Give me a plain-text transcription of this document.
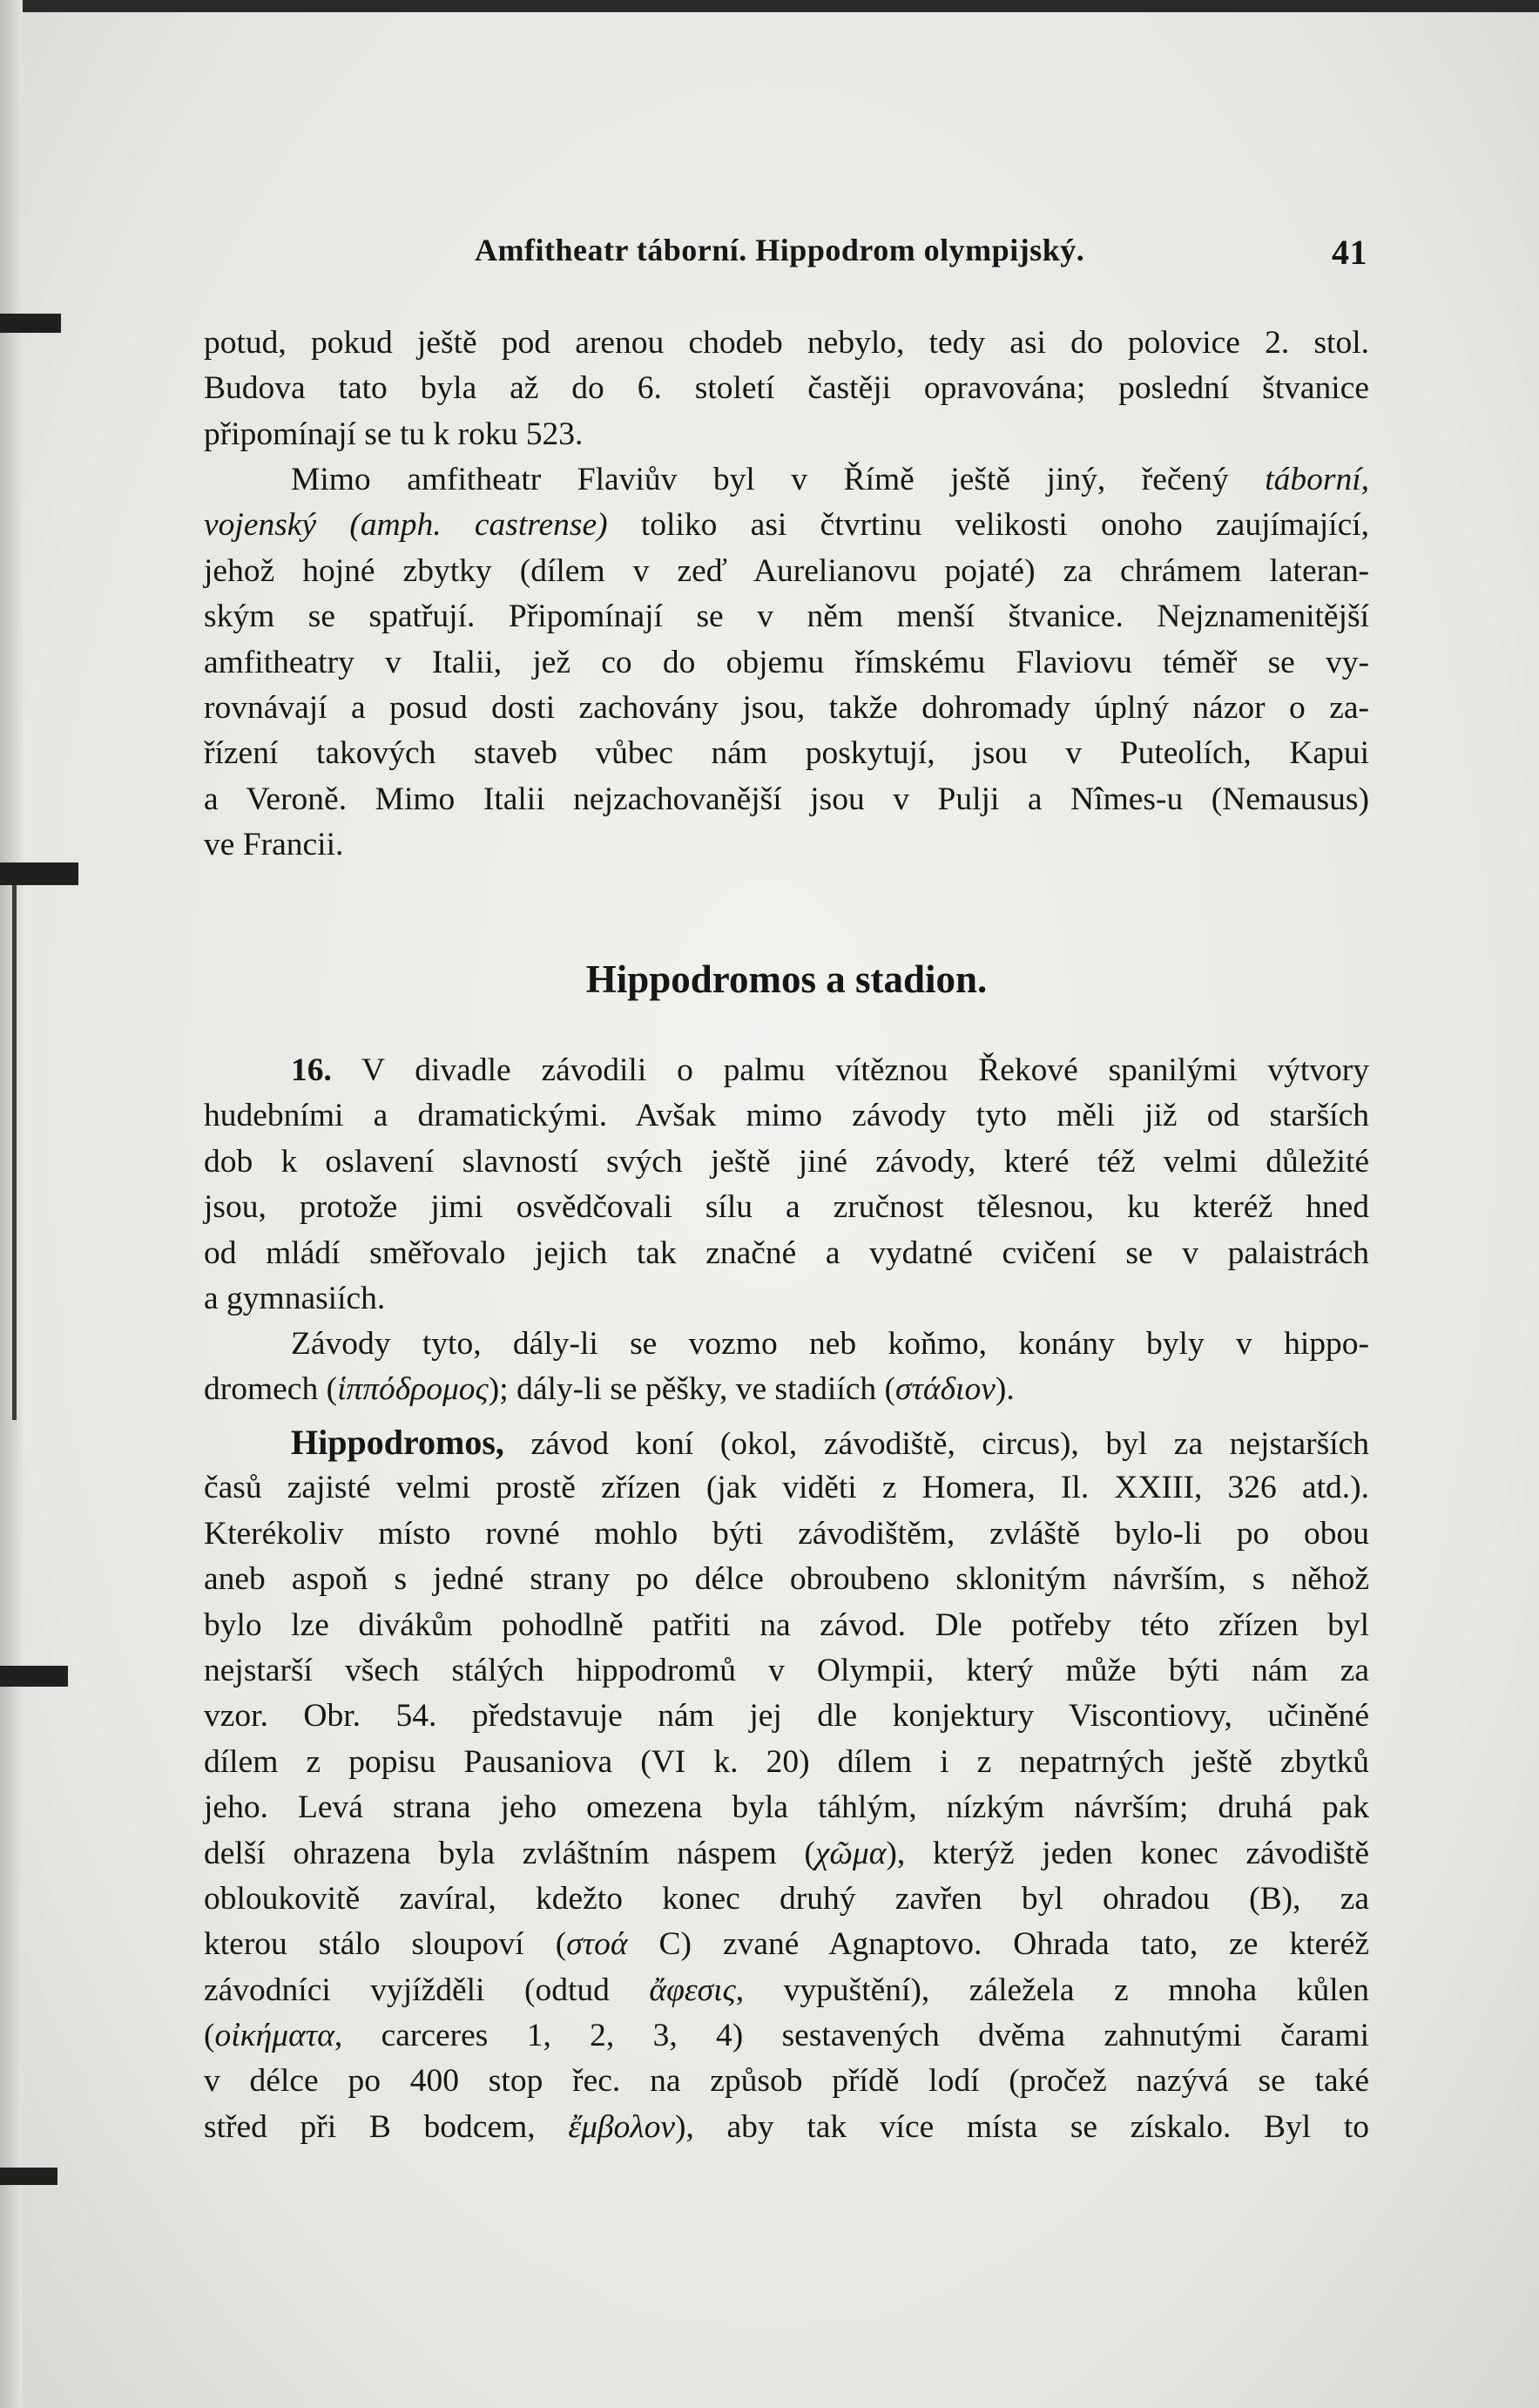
Amfitheatr táborní. Hippodrom olympijský.	41
potud, pokud ještě pod arenou chodeb nebylo, tedy asi do polovice 2. stol.
Budova tato byla až do 6. století častěji opravována; poslední štvanice
připomínají se tu k roku 523.
Mimo amfitheatr Flaviův byl v Římě ještě jiný, řečený táborní,
vojenský (amph. castrense) toliko asi čtvrtinu velikosti onoho zaujímající,
jehož hojné zbytky (dílem v zeď Aurelianovu pojaté) za chrámem lateran-
ským se spatřují. Připomínají se v něm menší štvanice. Nejznamenitější
amfitheatry v Italii, jež co do objemu římskému Flaviovu téměř se vy-
rovnávají a posud dosti zachovány jsou, takže dohromady úplný názor o za-
řízení takových staveb vůbec nám poskytují, jsou v Puteolích, Kapui
a Veroně. Mimo Italii nejzachovanější jsou v Pulji a Nîmes-u (Nemausus)
ve Francii.
Hippodromos a stadion.
16. V divadle závodili o palmu vítěznou Řekové spanilými výtvory
hudebními a dramatickými. Avšak mimo závody tyto měli již od starších
dob k oslavení slavností svých ještě jiné závody, které též velmi důležité
jsou, protože jimi osvědčovali sílu a zručnost tělesnou, ku kteréž hned
od mládí směřovalo jejich tak značné a vydatné cvičení se v palaistrách
a gymnasiích.
Závody tyto, dály-li se vozmo neb koňmo, konány byly v hippo-
dromech (ἱππόδρομος); dály-li se pěšky, ve stadiích (στάδιον).
Hippodromos, závod koní (okol, závodiště, circus), byl za nejstarších
časů zajisté velmi prostě zřízen (jak viděti z Homera, Il. XXIII, 326 atd.).
Kterékoliv místo rovné mohlo býti závodištěm, zvláště bylo-li po obou
aneb aspoň s jedné strany po délce obroubeno sklonitým návrším, s něhož
bylo lze divákům pohodlně patřiti na závod. Dle potřeby této zřízen byl
nejstarší všech stálých hippodromů v Olympii, který může býti nám za
vzor. Obr. 54. představuje nám jej dle konjektury Viscontiovy, učiněné
dílem z popisu Pausaniova (VI k. 20) dílem i z nepatrných ještě zbytků
jeho. Levá strana jeho omezena byla táhlým, nízkým návrším; druhá pak
delší ohrazena byla zvláštním náspem (χῶμα), kterýž jeden konec závodiště
obloukovitě zavíral, kdežto konec druhý zavřen byl ohradou (B), za
kterou stálo sloupoví (στοά C) zvané Agnaptovo. Ohrada tato, ze kteréž
závodníci vyjížděli (odtud ἄφεσις, vypuštění), záležela z mnoha kůlen
(οἰκήματα, carceres 1, 2, 3, 4) sestavených dvěma zahnutými čarami
v délce po 400 stop řec. na způsob přídě lodí (pročež nazývá se také
střed při B bodcem, ἔμβολον), aby tak více místa se získalo. Byl to
